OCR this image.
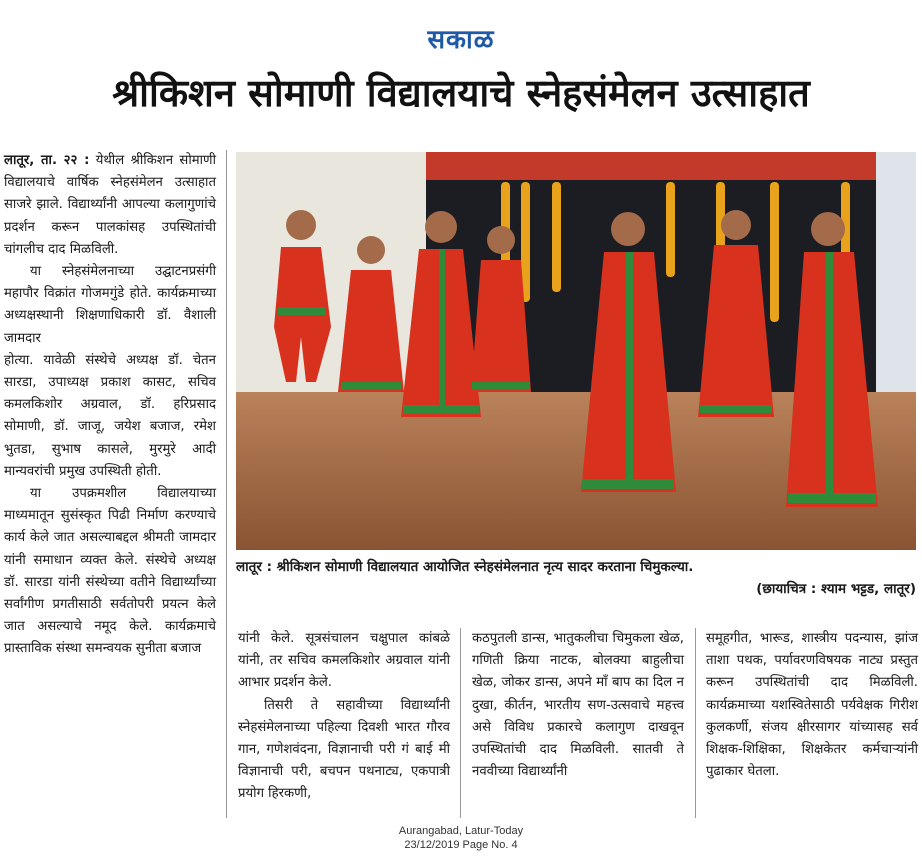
सकाळ
श्रीकिशन सोमाणी विद्यालयाचे स्नेहसंमेलन उत्साहात

लातूर, ता. २२ : येथील श्रीकिशन सोमाणी विद्यालयाचे वार्षिक स्नेहसंमेलन उत्साहात साजरे झाले. विद्यार्थ्यांनी आपल्या कलागुणांचे प्रदर्शन करून पालकांसह उपस्थितांची चांगलीच दाद मिळविली.

या स्नेहसंमेलनाच्या उद्घाटनप्रसंगी महापौर विक्रांत गोजमगुंडे होते. कार्यक्रमाच्या अध्यक्षस्थानी शिक्षणाधिकारी डॉ. वैशाली जामदार

होत्या. यावेळी संस्थेचे अध्यक्ष डॉ. चेतन सारडा, उपाध्यक्ष प्रकाश कासट, सचिव कमलकिशोर अग्रवाल, डॉ. हरिप्रसाद सोमाणी, डॉ. जाजू, जयेश बजाज, रमेश भुतडा, सुभाष कासले, मुरमुरे आदी मान्यवरांची प्रमुख उपस्थिती होती.

या उपक्रमशील विद्यालयाच्या माध्यमातून सुसंस्कृत पिढी निर्माण करण्याचे कार्य केले जात असल्याबद्दल श्रीमती जामदार यांनी समाधान व्यक्त केले. संस्थेचे अध्यक्ष डॉ. सारडा यांनी संस्थेच्या वतीने विद्यार्थ्यांच्या सर्वांगीण प्रगतीसाठी सर्वतोपरी प्रयत्न केले जात असल्याचे नमूद केले. कार्यक्रमाचे प्रास्ताविक संस्था समन्वयक सुनीता बजाज

लातूर : श्रीकिशन सोमाणी विद्यालयात आयोजित स्नेहसंमेलनात नृत्य सादर करताना चिमुकल्या.
(छायाचित्र : श्याम भट्टड, लातूर)

यांनी केले. सूत्रसंचालन चक्षुपाल कांबळे यांनी, तर सचिव कमलकिशोर अग्रवाल यांनी आभार प्रदर्शन केले.

तिसरी ते सहावीच्या विद्यार्थ्यांनी स्नेहसंमेलनाच्या पहिल्या दिवशी भारत गौरव गान, गणेशवंदना, विज्ञानाची परी गं बाई मी विज्ञानाची परी, बचपन पथनाट्य, एकपात्री प्रयोग हिरकणी,

कठपुतली डान्स, भातुकलीचा चिमुकला खेळ, गणिती क्रिया नाटक, बोलक्या बाहुलीचा खेळ, जोकर डान्स, अपने माँ बाप का दिल न दुखा, कीर्तन, भारतीय सण-उत्सवाचे महत्त्व असे विविध प्रकारचे कलागुण दाखवून उपस्थितांची दाद मिळविली. सातवी ते नववीच्या विद्यार्थ्यांनी

समूहगीत, भारूड, शास्त्रीय पदन्यास, झांज ताशा पथक, पर्यावरणविषयक नाट्य प्रस्तुत करून उपस्थितांची दाद मिळविली. कार्यक्रमाच्या यशस्वितेसाठी पर्यवेक्षक गिरीश कुलकर्णी, संजय क्षीरसागर यांच्यासह सर्व शिक्षक-शिक्षिका, शिक्षकेतर कर्मचाऱ्यांनी पुढाकार घेतला.

Aurangabad, Latur-Today
23/12/2019 Page No. 4
